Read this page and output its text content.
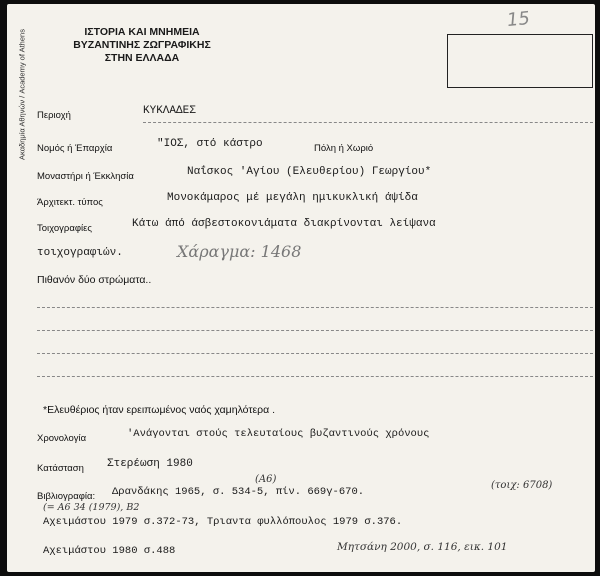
Ακαδημία Αθηνών / Academy of Athens	ΙΣΤΟΡΙΑ ΚΑΙ ΜΝΗΜΕΙΑ
ΒΥΖΑΝΤΙΝΗΣ ΖΩΓΡΑΦΙΚΗΣ
ΣΤΗΝ ΕΛΛΑΔΑ
15
Περιοχή	ΚΥΚΛΑΔΕΣ
Νομός ή Έπαρχία	"ΙΟΣ, στό κάστρο	Πόλη ή Χωριό
Μοναστήρι ή Έκκλησία	Ναΐσκος 'Αγίου (Ελευθερίου) Γεωργίου*
Άρχιτεκτ. τύπος	Μονοκάμαρος μέ μεγάλη ημικυκλική άψίδα
Τοιχογραφίες	Κάτω άπό άσβεστοκονιάματα διακρίνονται λείψανα
τοιχογραφιών.	Χάραγμα: 1468
Πιθανόν δύο στρώματα..
*Ελευθέριος ήταν ερειπωμένος ναός χαμηλότερα .
Χρονολογία	'Ανάγονται στούς τελευταίους βυζαντινούς χρόνους
Κατάσταση Στερέωση 1980
Βιβλιογραφία: Δρανδάκης 1965, σ. 534-5, πίν. 669γ-670.
(A6)
(τοιχ: 6708)
(= A6 34 (1979), B2
Αχειμάστου 1979 σ.372-73, Τριαντα φυλλόπουλος 1979 σ.376.
Αχειμάστου 1980 σ.488	Μητσάνη 2000, σ. 116, εικ. 101
